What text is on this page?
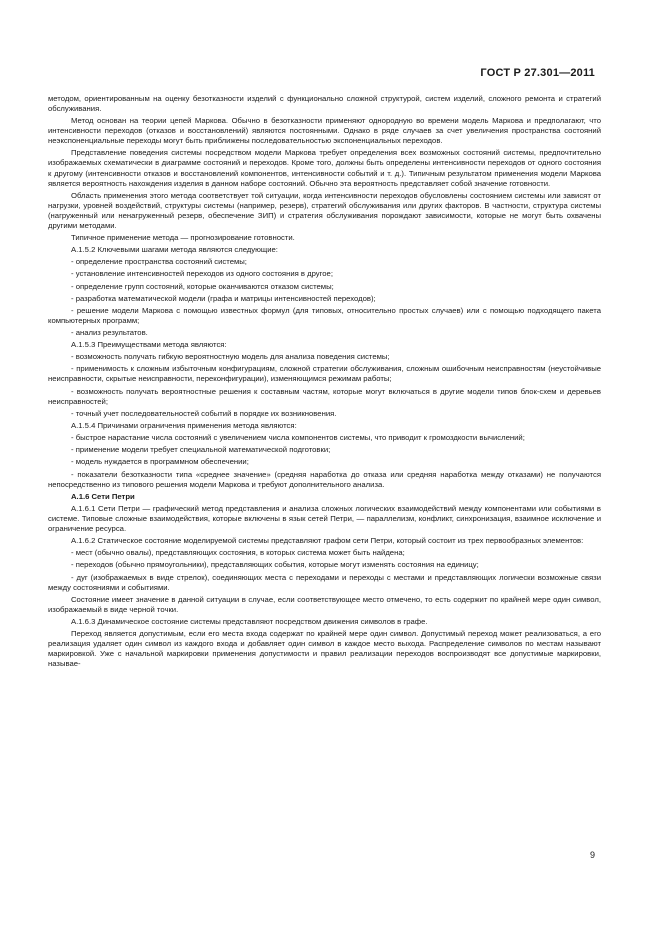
ГОСТ Р 27.301—2011

методом, ориентированным на оценку безотказности изделий с функционально сложной структурой, систем изделий, сложного ремонта и стратегий обслуживания.

Метод основан на теории цепей Маркова. Обычно в безотказности применяют однородную во времени модель Маркова и предполагают, что интенсивности переходов (отказов и восстановлений) являются постоянными. Однако в ряде случаев за счет увеличения пространства состояний неэкспоненциальные переходы могут быть приближены последовательностью экспоненциальных переходов.

Представление поведения системы посредством модели Маркова требует определения всех возможных состояний системы, предпочтительно изображаемых схематически в диаграмме состояний и переходов. Кроме того, должны быть определены интенсивности переходов от одного состояния к другому (интенсивности отказов и восстановлений компонентов, интенсивности событий и т. д.). Типичным результатом применения модели Маркова является вероятность нахождения изделия в данном наборе состояний. Обычно эта вероятность представляет собой значение готовности.

Область применения этого метода соответствует той ситуации, когда интенсивности переходов обусловлены состоянием системы или зависят от нагрузки, уровней воздействий, структуры системы (например, резерв), стратегий обслуживания или других факторов. В частности, структура системы (нагруженный или ненагруженный резерв, обеспечение ЗИП) и стратегия обслуживания порождают зависимости, которые не могут быть охвачены другими методами.

Типичное применение метода — прогнозирование готовности.

А.1.5.2 Ключевыми шагами метода являются следующие:

- определение пространства состояний системы;

- установление интенсивностей переходов из одного состояния в другое;

- определение групп состояний, которые оканчиваются отказом системы;

- разработка математической модели (графа и матрицы интенсивностей переходов);

- решение модели Маркова с помощью известных формул (для типовых, относительно простых случаев) или с помощью подходящего пакета компьютерных программ;

- анализ результатов.

А.1.5.3 Преимуществами метода являются:

- возможность получать гибкую вероятностную модель для анализа поведения системы;

- применимость к сложным избыточным конфигурациям, сложной стратегии обслуживания, сложным ошибочным неисправностям (неустойчивые неисправности, скрытые неисправности, переконфигурации), изменяющимся режимам работы;

- возможность получать вероятностные решения к составным частям, которые могут включаться в другие модели типов блок-схем и деревьев неисправностей;

- точный учет последовательностей событий в порядке их возникновения.

А.1.5.4 Причинами ограничения применения метода являются:

- быстрое нарастание числа состояний с увеличением числа компонентов системы, что приводит к громоздкости вычислений;

- применение модели требует специальной математической подготовки;

- модель нуждается в программном обеспечении;

- показатели безотказности типа «среднее значение» (средняя наработка до отказа или средняя наработка между отказами) не получаются непосредственно из типового решения модели Маркова и требуют дополнительного анализа.

А.1.6 Сети Петри

А.1.6.1 Сети Петри — графический метод представления и анализа сложных логических взаимодействий между компонентами или событиями в системе. Типовые сложные взаимодействия, которые включены в язык сетей Петри, — параллелизм, конфликт, синхронизация, взаимное исключение и ограничение ресурса.

А.1.6.2 Статическое состояние моделируемой системы представляют графом сети Петри, который состоит из трех первообразных элементов:

- мест (обычно овалы), представляющих состояния, в которых система может быть найдена;

- переходов (обычно прямоугольники), представляющих события, которые могут изменять состояния на единицу;

- дуг (изображаемых в виде стрелок), соединяющих места с переходами и переходы с местами и представляющих логически возможные связи между состояниями и событиями.

Состояние имеет значение в данной ситуации в случае, если соответствующее место отмечено, то есть содержит по крайней мере один символ, изображаемый в виде черной точки.

А.1.6.3 Динамическое состояние системы представляют посредством движения символов в графе.

Переход является допустимым, если его места входа содержат по крайней мере один символ. Допустимый переход может реализоваться, а его реализация удаляет один символ из каждого входа и добавляет один символ в каждое место выхода. Распределение символов по местам называют маркировкой. Уже с начальной маркировки применения допустимости и правил реализации переходов воспроизводят все допустимые маркировки, называе-

9
